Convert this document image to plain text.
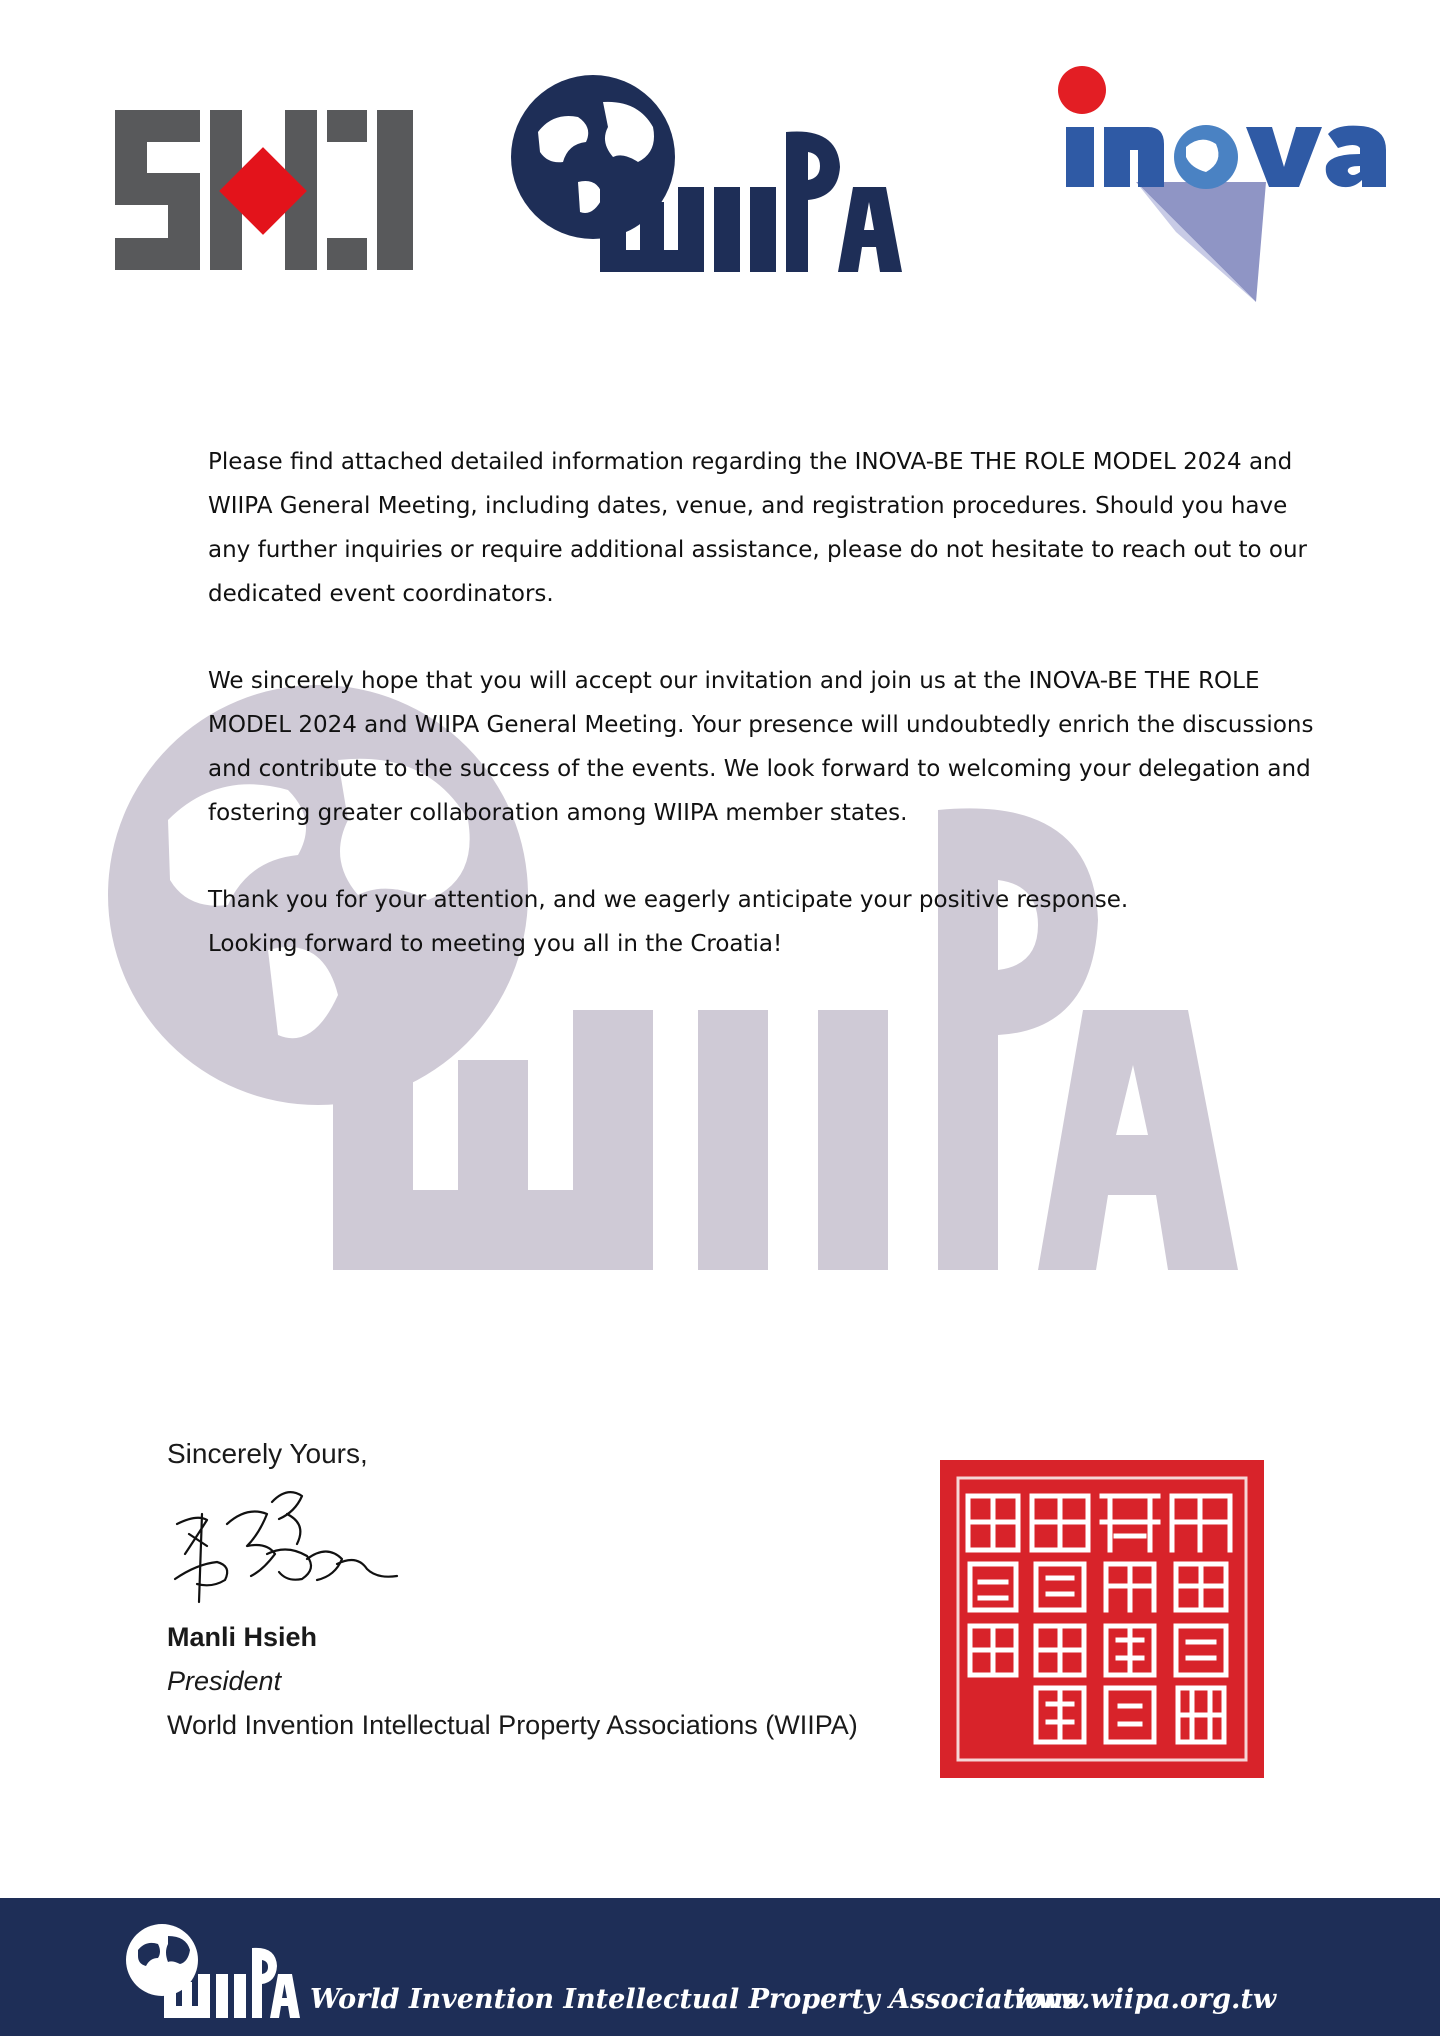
Please find attached detailed information regarding the INOVA-BE THE ROLE MODEL 2024 and WIIPA General Meeting, including dates, venue, and registration procedures. Should you have any further inquiries or require additional assistance, please do not hesitate to reach out to our dedicated event coordinators.

We sincerely hope that you will accept our invitation and join us at the INOVA-BE THE ROLE MODEL 2024 and WIIPA General Meeting. Your presence will undoubtedly enrich the discussions and contribute to the success of the events. We look forward to welcoming your delegation and fostering greater collaboration among WIIPA member states.

Thank you for your attention, and we eagerly anticipate your positive response.

Looking forward to meeting you all in the Croatia!

Sincerely Yours,

Manli Hsieh

President

World Invention Intellectual Property Associations (WIIPA)

World Invention Intellectual Property Associations
www.wiipa.org.tw
